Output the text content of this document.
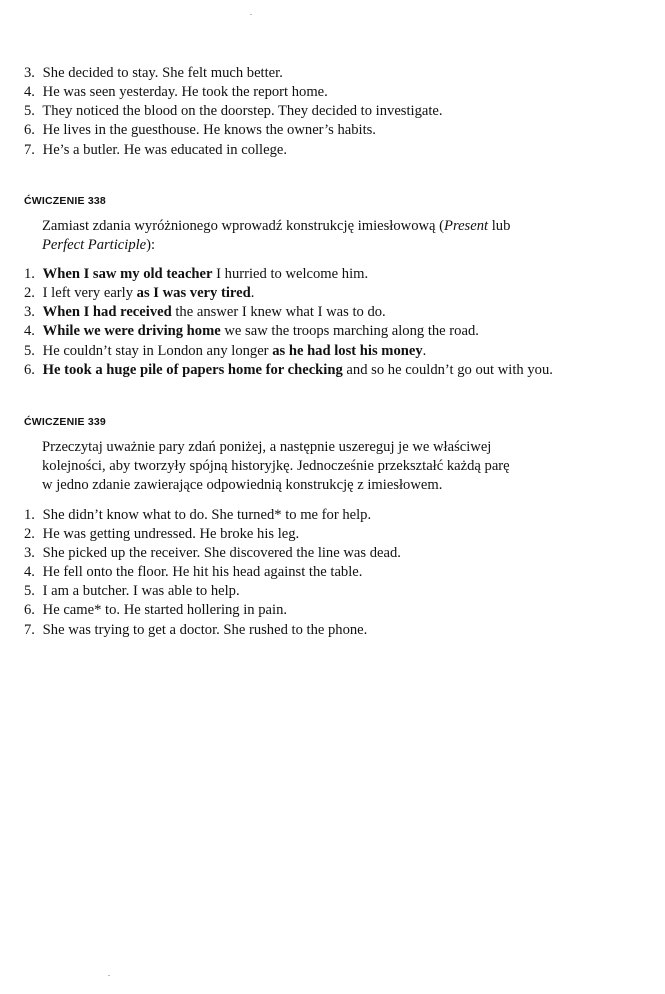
3. She decided to stay. She felt much better.
4. He was seen yesterday. He took the report home.
5. They noticed the blood on the doorstep. They decided to investigate.
6. He lives in the guesthouse. He knows the owner’s habits.
7. He’s a butler. He was educated in college.
ĆWICZENIE 338
Zamiast zdania wyróżnionego wprowadź konstrukcję imiesłowową (Present lub
Perfect Participle):
1. When I saw my old teacher I hurried to welcome him.
2. I left very early as I was very tired.
3. When I had received the answer I knew what I was to do.
4. While we were driving home we saw the troops marching along the road.
5. He couldn’t stay in London any longer as he had lost his money.
6. He took a huge pile of papers home for checking and so he couldn’t go out with you.
ĆWICZENIE 339
Przeczytaj uważnie pary zdań poniżej, a następnie uszereguj je we właściwej
kolejności, aby tworzyły spójną historyjkę. Jednocześnie przekształć każdą parę
w jedno zdanie zawierające odpowiednią konstrukcję z imiesłowem.
1. She didn’t know what to do. She turned* to me for help.
2. He was getting undressed. He broke his leg.
3. She picked up the receiver. She discovered the line was dead.
4. He fell onto the floor. He hit his head against the table.
5. I am a butcher. I was able to help.
6. He came* to. He started hollering in pain.
7. She was trying to get a doctor. She rushed to the phone.
